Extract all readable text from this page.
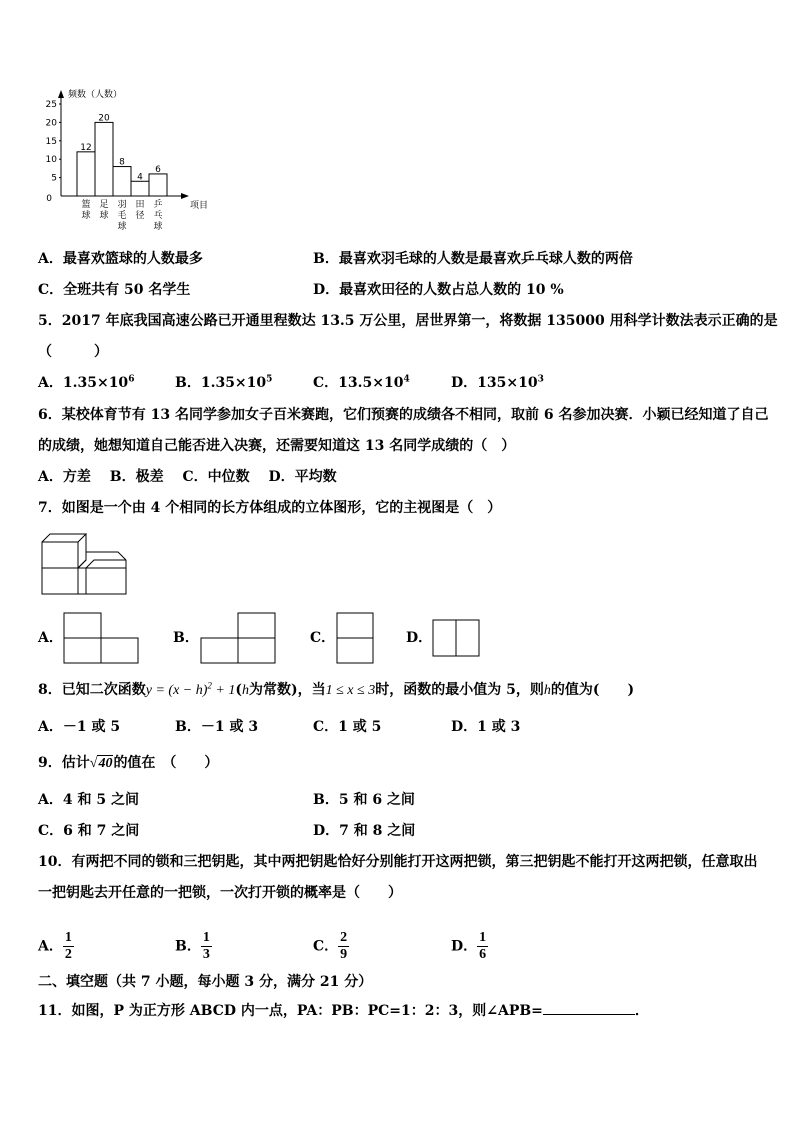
频数（人数）
项目
25
20
15
10
5
0
12
20
8
4
6
篮球
足球
羽毛球
田径
乒乓球
A．最喜欢篮球的人数最多	B．最喜欢羽毛球的人数是最喜欢乒乓球人数的两倍
C．全班共有 50 名学生	D．最喜欢田径的人数占总人数的 10 %
5．2017 年底我国高速公路已开通里程数达 13.5 万公里，居世界第一，将数据 135000 用科学计数法表示正确的是
（　　　）
A．$1.35\times 10^6$	B．$1.35\times 10^5$	C．$13.5\times 10^4$	D．$135\times 10^3$
6．某校体育节有 13 名同学参加女子百米赛跑，它们预赛的成绩各不相同，取前 6 名参加决赛．小颖已经知道了自己
的成绩，她想知道自己能否进入决赛，还需要知道这 13 名同学成绩的（　）
A．方差　 B．极差　 C．中位数　 D．平均数
7．如图是一个由 4 个相同的长方体组成的立体图形，它的主视图是（　）
A．	B．	C．	D．
8．已知二次函数$y = (x - h)^2 + 1(h$为常数)，当1 ≤ x ≤ 3时，函数的最小值为 5，则h的值为(　　)
A．－1 或 5	B．－1 或 3	C．1 或 5	D．1 或 3
9．估计√40的值在　（　　）
A．4 和 5 之间	B．5 和 6 之间
C．6 和 7 之间	D．7 和 8 之间
10．有两把不同的锁和三把钥匙，其中两把钥匙恰好分别能打开这两把锁，第三把钥匙不能打开这两把锁，任意取出
一把钥匙去开任意的一把锁，一次打开锁的概率是（　　）
A． $\frac{1}{2}$	B． $\frac{1}{3}$	C． $\frac{2}{9}$	D． $\frac{1}{6}$
二、填空题（共 7 小题，每小题 3 分，满分 21 分）
11．如图，P 为正方形 ABCD 内一点，PA：PB：PC=1：2：3，则∠APB=	．
